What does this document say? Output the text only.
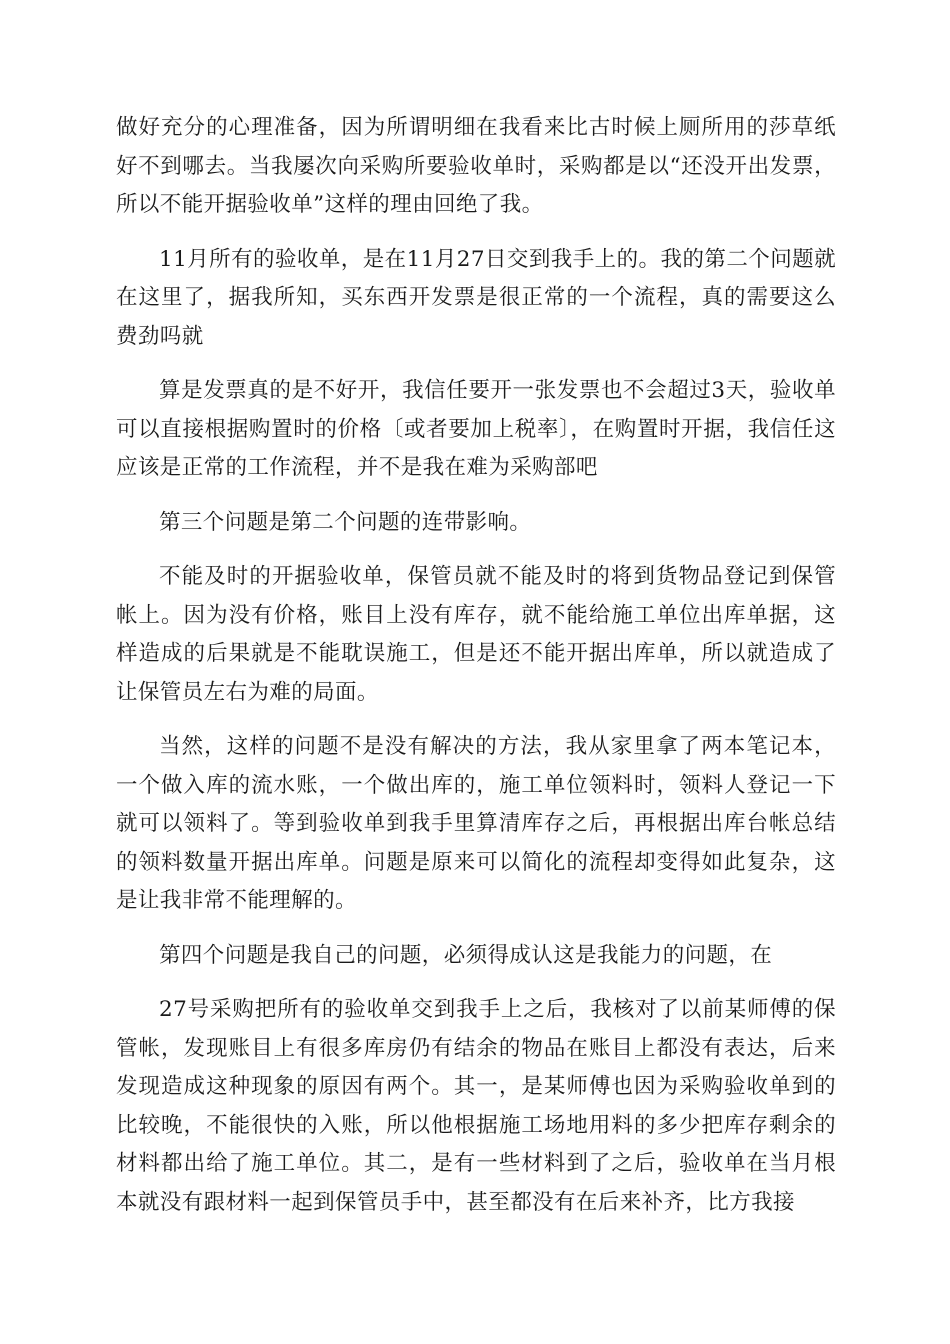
做好充分的心理准备，因为所谓明细在我看来比古时候上厕所用的莎草纸好不到哪去。当我屡次向采购所要验收单时，采购都是以“还没开出发票，所以不能开据验收单”这样的理由回绝了我。

11月所有的验收单，是在11月27日交到我手上的。我的第二个问题就在这里了，据我所知，买东西开发票是很正常的一个流程，真的需要这么费劲吗就

算是发票真的是不好开，我信任要开一张发票也不会超过3天，验收单可以直接根据购置时的价格〔或者要加上税率〕，在购置时开据，我信任这应该是正常的工作流程，并不是我在难为采购部吧

第三个问题是第二个问题的连带影响。

不能及时的开据验收单，保管员就不能及时的将到货物品登记到保管帐上。因为没有价格，账目上没有库存，就不能给施工单位出库单据，这样造成的后果就是不能耽误施工，但是还不能开据出库单，所以就造成了让保管员左右为难的局面。

当然，这样的问题不是没有解决的方法，我从家里拿了两本笔记本，一个做入库的流水账，一个做出库的，施工单位领料时，领料人登记一下就可以领料了。等到验收单到我手里算清库存之后，再根据出库台帐总结的领料数量开据出库单。问题是原来可以简化的流程却变得如此复杂，这是让我非常不能理解的。

第四个问题是我自己的问题，必须得成认这是我能力的问题，在

27号采购把所有的验收单交到我手上之后，我核对了以前某师傅的保管帐，发现账目上有很多库房仍有结余的物品在账目上都没有表达，后来发现造成这种现象的原因有两个。其一，是某师傅也因为采购验收单到的比较晚，不能很快的入账，所以他根据施工场地用料的多少把库存剩余的材料都出给了施工单位。其二，是有一些材料到了之后，验收单在当月根本就没有跟材料一起到保管员手中，甚至都没有在后来补齐，比方我接
